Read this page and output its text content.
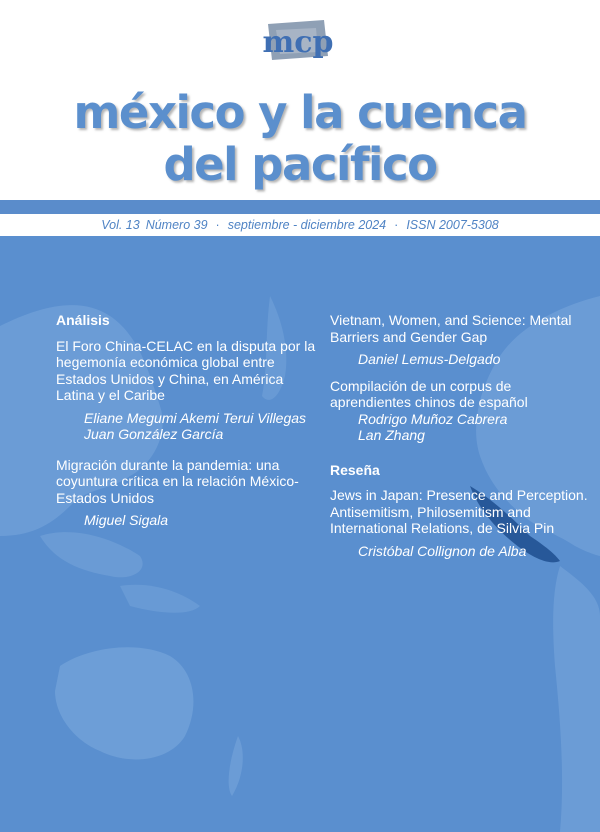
mcp
méxico y la cuenca
del pacífico
Vol. 13 Número 39 · septiembre - diciembre 2024 · ISSN 2007-5308
Análisis
El Foro China-CELAC en la disputa por la hegemonía económica global entre Estados Unidos y China, en América Latina y el Caribe
Eliane Megumi Akemi Terui Villegas
Juan González García
Migración durante la pandemia: una coyuntura crítica en la relación México-Estados Unidos
Miguel Sigala
Vietnam, Women, and Science: Mental Barriers and Gender Gap
Daniel Lemus-Delgado
Compilación de un corpus de aprendientes chinos de español
Rodrigo Muñoz Cabrera
Lan Zhang
Reseña
Jews in Japan: Presence and Perception. Antisemitism, Philosemitism and International Relations, de Silvia Pin
Cristóbal Collignon de Alba
